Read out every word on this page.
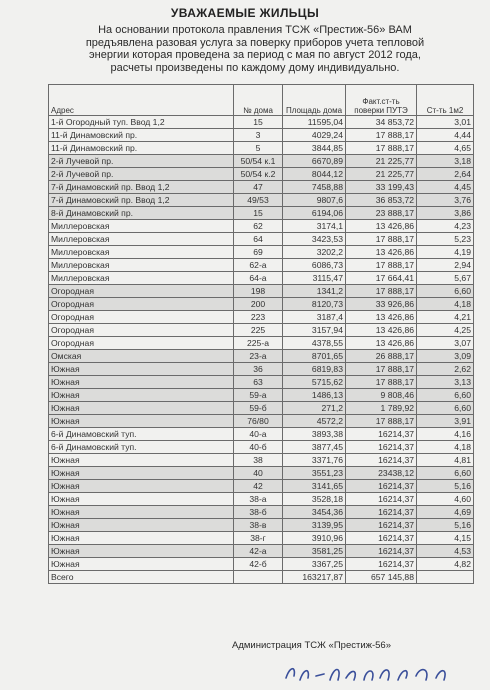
УВАЖАЕМЫЕ ЖИЛЬЦЫ
На основании протокола правления ТСЖ «Престиж-56» ВАМ
предъявлена разовая услуга за поверку приборов учета тепловой
энергии которая проведена за период с мая по август 2012 года,
расчеты произведены по каждому дому индивидуально.
Адрес	№ дома	Площадь дома	Факт.ст-ть поверки ПУТЭ	Ст-ть 1м2
1-й Огородный туп. Ввод 1,2	15	11595,04	34 853,72	3,01
11-й Динамовский пр.	3	4029,24	17 888,17	4,44
11-й Динамовский пр.	5	3844,85	17 888,17	4,65
2-й Лучевой пр.	50/54 к.1	6670,89	21 225,77	3,18
2-й Лучевой пр.	50/54 к.2	8044,12	21 225,77	2,64
7-й Динамовский пр. Ввод 1,2	47	7458,88	33 199,43	4,45
7-й Динамовский пр. Ввод 1,2	49/53	9807,6	36 853,72	3,76
8-й Динамовский пр.	15	6194,06	23 888,17	3,86
Миллеровская	62	3174,1	13 426,86	4,23
Миллеровская	64	3423,53	17 888,17	5,23
Миллеровская	69	3202,2	13 426,86	4,19
Миллеровская	62-а	6086,73	17 888,17	2,94
Миллеровская	64-а	3115,47	17 664,41	5,67
Огородная	198	1341,2	17 888,17	6,60
Огородная	200	8120,73	33 926,86	4,18
Огородная	223	3187,4	13 426,86	4,21
Огородная	225	3157,94	13 426,86	4,25
Огородная	225-а	4378,55	13 426,86	3,07
Омская	23-а	8701,65	26 888,17	3,09
Южная	36	6819,83	17 888,17	2,62
Южная	63	5715,62	17 888,17	3,13
Южная	59-а	1486,13	9 808,46	6,60
Южная	59-б	271,2	1 789,92	6,60
Южная	76/80	4572,2	17 888,17	3,91
6-й Динамовский туп.	40-а	3893,38	16214,37	4,16
6-й Динамовский туп.	40-б	3877,45	16214,37	4,18
Южная	38	3371,76	16214,37	4,81
Южная	40	3551,23	23438,12	6,60
Южная	42	3141,65	16214,37	5,16
Южная	38-а	3528,18	16214,37	4,60
Южная	38-б	3454,36	16214,37	4,69
Южная	38-в	3139,95	16214,37	5,16
Южная	38-г	3910,96	16214,37	4,15
Южная	42-а	3581,25	16214,37	4,53
Южная	42-б	3367,25	16214,37	4,82
Всего		163217,87	657 145,88	
Администрация ТСЖ «Престиж-56»
